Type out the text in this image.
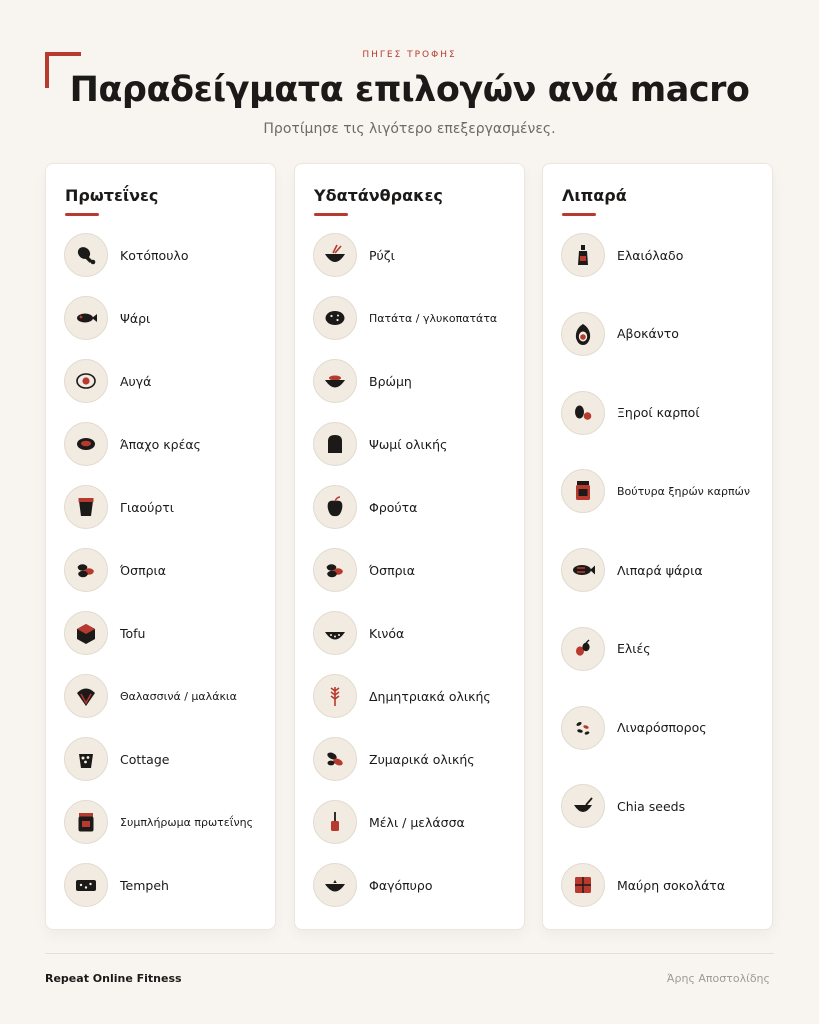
ΠΗΓΕΣ ΤΡΟΦΗΣ
Παραδείγματα επιλογών ανά macro
Προτίμησε τις λιγότερο επεξεργασμένες.
Πρωτεΐνες
Κοτόπουλο
Ψάρι
Αυγά
Άπαχο κρέας
Γιαούρτι
Όσπρια
Tofu
Θαλασσινά / μαλάκια
Cottage
Συμπλήρωμα πρωτεΐνης
Tempeh
Υδατάνθρακες
Ρύζι
Πατάτα / γλυκοπατάτα
Βρώμη
Ψωμί ολικής
Φρούτα
Όσπρια
Κινόα
Δημητριακά ολικής
Ζυμαρικά ολικής
Μέλι / μελάσσα
Φαγόπυρο
Λιπαρά
Ελαιόλαδο
Αβοκάντο
Ξηροί καρποί
Βούτυρα ξηρών καρπών
Λιπαρά ψάρια
Ελιές
Λιναρόσπορος
Chia seeds
Μαύρη σοκολάτα
Repeat Online Fitness	Άρης Αποστολίδης
